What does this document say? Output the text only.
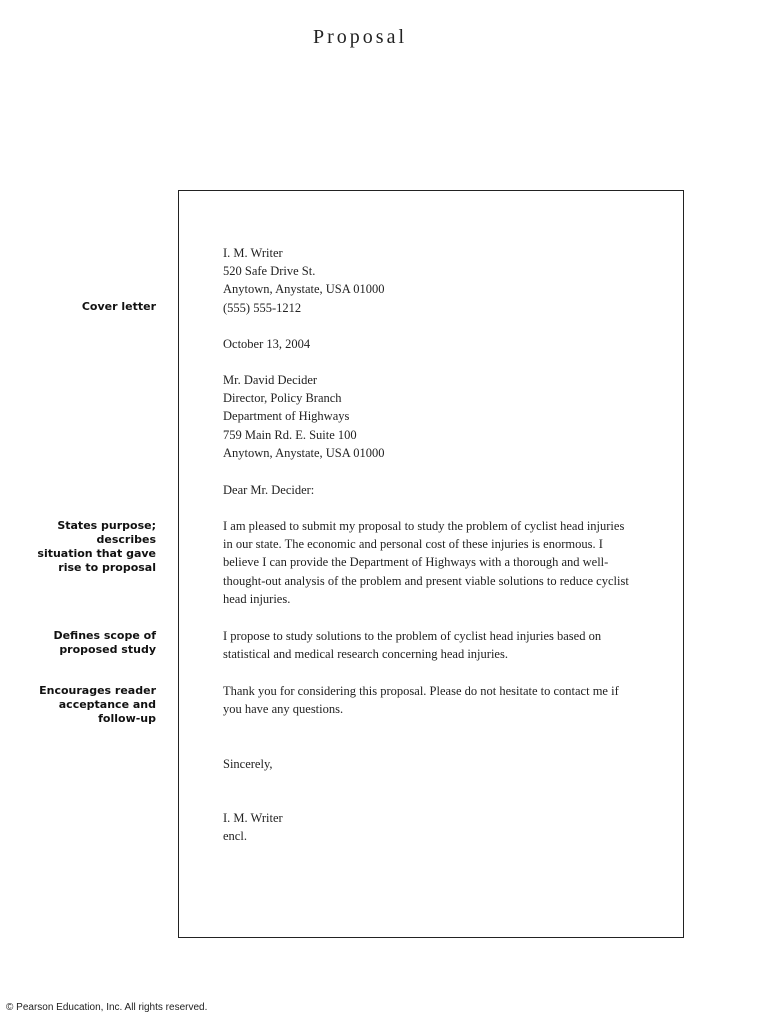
Proposal
I. M. Writer
520 Safe Drive St.
Anytown, Anystate, USA 01000
(555) 555-1212
October 13, 2004
Mr. David Decider
Director, Policy Branch
Department of Highways
759 Main Rd. E. Suite 100
Anytown, Anystate, USA 01000
Dear Mr. Decider:
I am pleased to submit my proposal to study the problem of cyclist head injuries
in our state. The economic and personal cost of these injuries is enormous. I
believe I can provide the Department of Highways with a thorough and well-
thought-out analysis of the problem and present viable solutions to reduce cyclist
head injuries.
I propose to study solutions to the problem of cyclist head injuries based on
statistical and medical research concerning head injuries.
Thank you for considering this proposal. Please do not hesitate to contact me if
you have any questions.
Sincerely,
I. M. Writer
encl.
Cover letter
States purpose;
describes
situation that gave
rise to proposal
Defines scope of
proposed study
Encourages reader
acceptance and
follow-up
© Pearson Education, Inc. All rights reserved.
